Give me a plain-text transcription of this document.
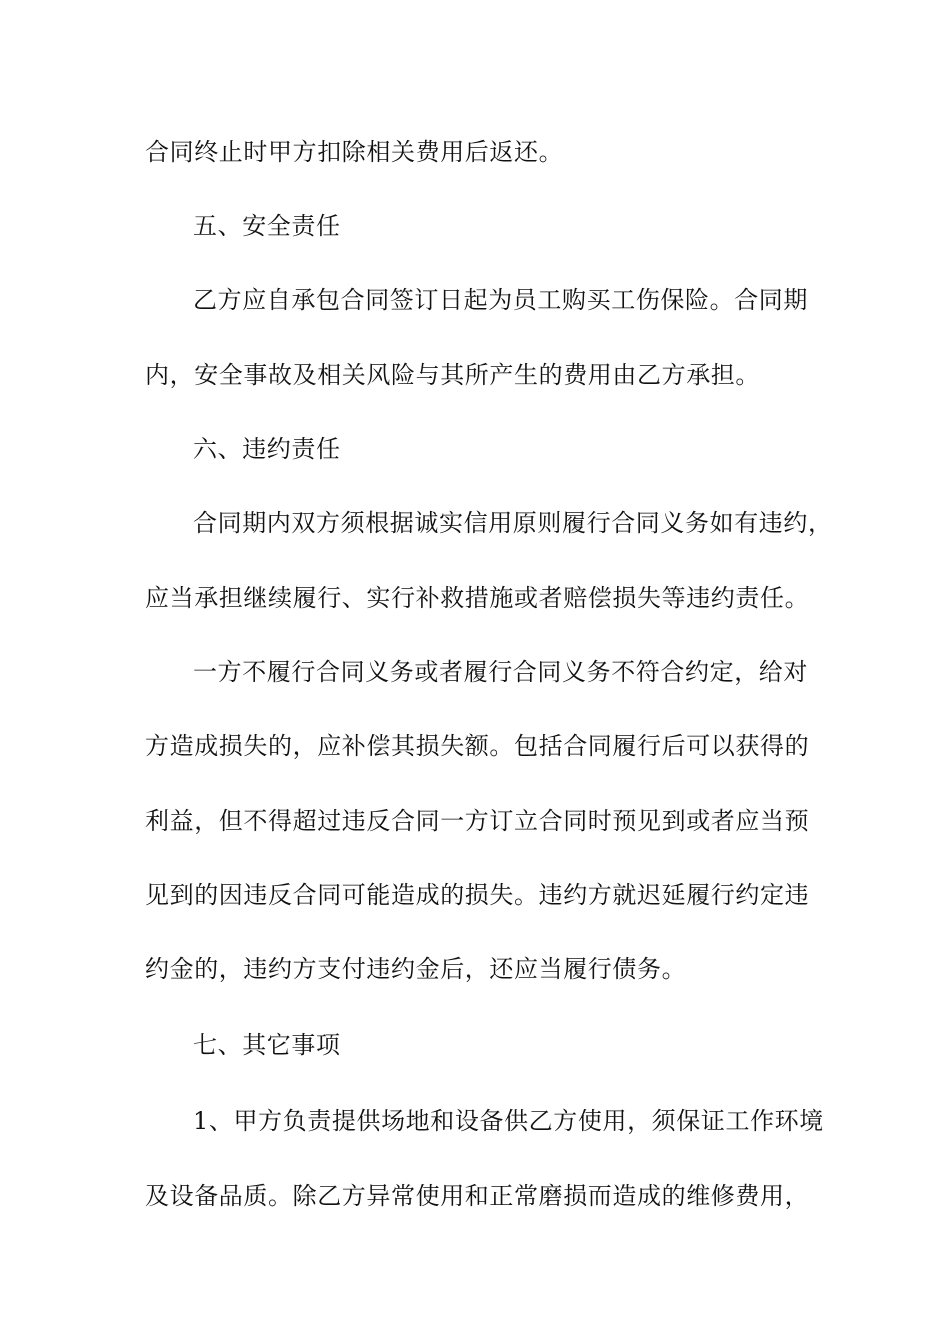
合同终止时甲方扣除相关费用后返还。
五、安全责任
乙方应自承包合同签订日起为员工购买工伤保险。合同期
内，安全事故及相关风险与其所产生的费用由乙方承担。
六、违约责任
合同期内双方须根据诚实信用原则履行合同义务如有违约，
应当承担继续履行、实行补救措施或者赔偿损失等违约责任。
一方不履行合同义务或者履行合同义务不符合约定，给对
方造成损失的，应补偿其损失额。包括合同履行后可以获得的
利益，但不得超过违反合同一方订立合同时预见到或者应当预
见到的因违反合同可能造成的损失。违约方就迟延履行约定违
约金的，违约方支付违约金后，还应当履行债务。
七、其它事项
1、甲方负责提供场地和设备供乙方使用，须保证工作环境
及设备品质。除乙方异常使用和正常磨损而造成的维修费用，
